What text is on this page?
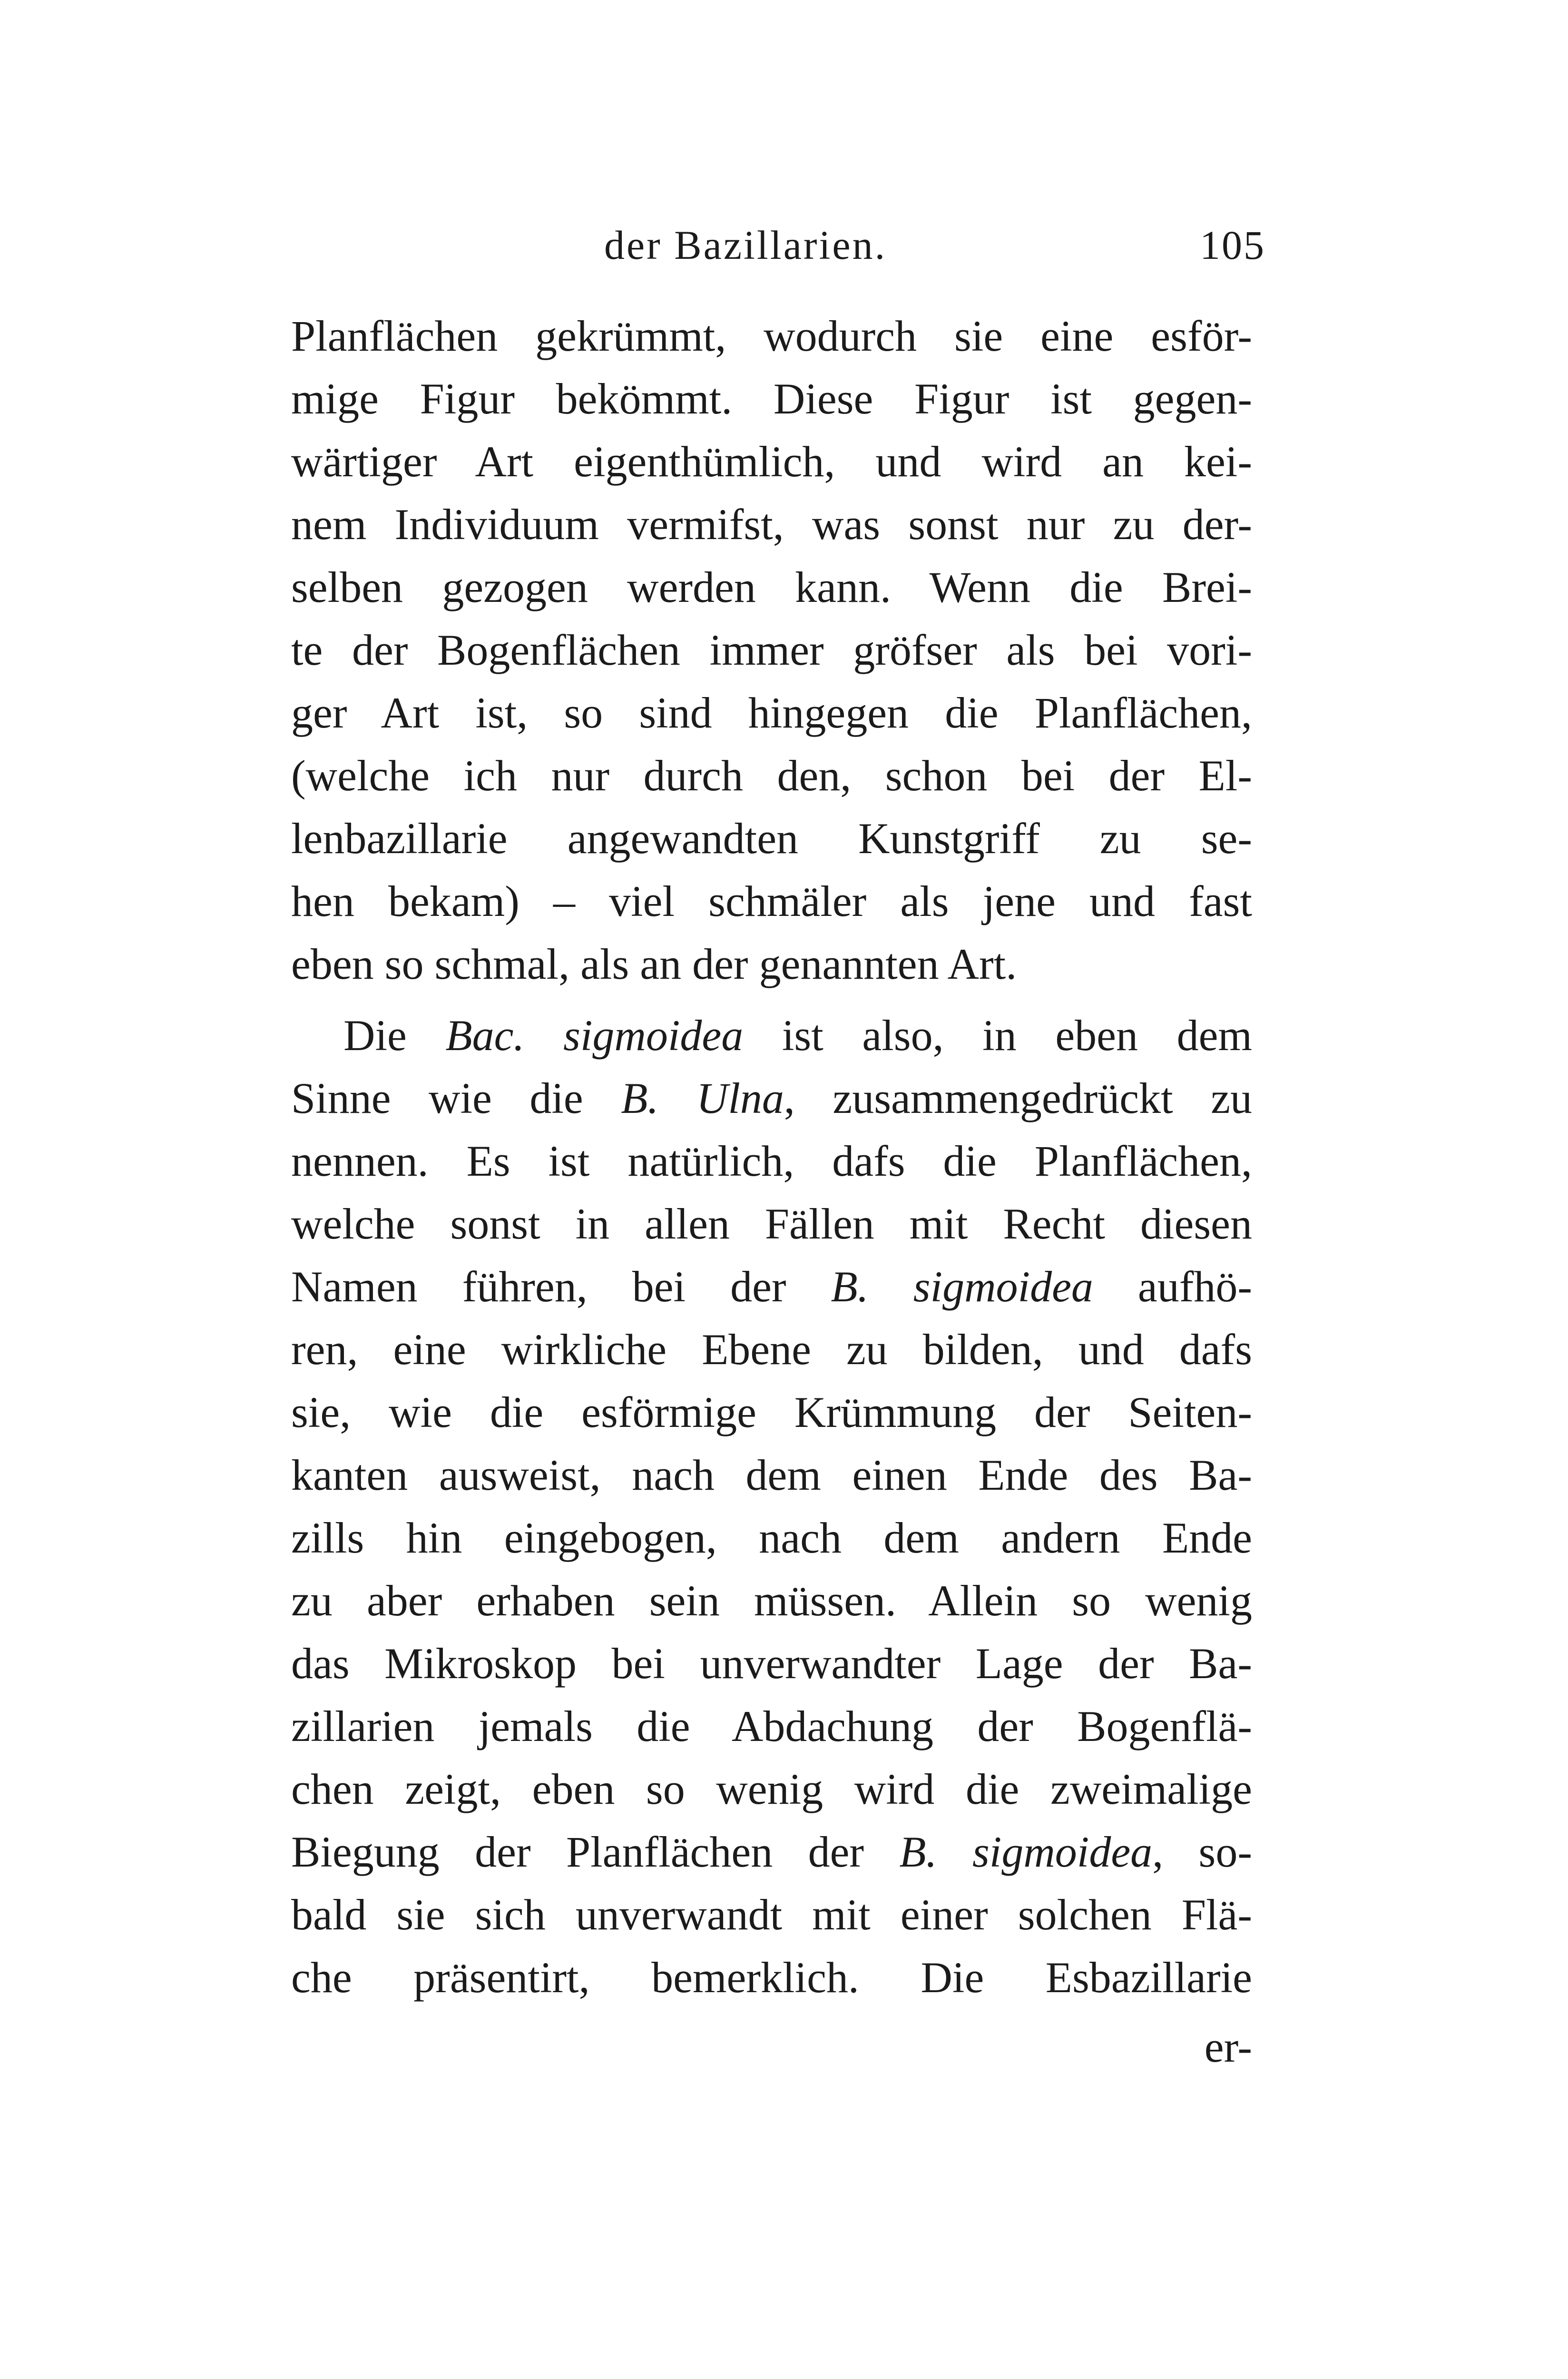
der Bazillarien.	105
Planflächen gekrümmt, wodurch sie eine esför-
mige Figur bekömmt. Diese Figur ist gegen-
wärtiger Art eigenthümlich, und wird an kei-
nem Individuum vermifst, was sonst nur zu der-
selben gezogen werden kann. Wenn die Brei-
te der Bogenflächen immer gröfser als bei vori-
ger Art ist, so sind hingegen die Planflächen,
(welche ich nur durch den, schon bei der El-
lenbazillarie angewandten Kunstgriff zu se-
hen bekam) – viel schmäler als jene und fast
eben so schmal, als an der genannten Art.
Die Bac. sigmoidea ist also, in eben dem
Sinne wie die B. Ulna, zusammengedrückt zu
nennen. Es ist natürlich, dafs die Planflächen,
welche sonst in allen Fällen mit Recht diesen
Namen führen, bei der B. sigmoidea aufhö-
ren, eine wirkliche Ebene zu bilden, und dafs
sie, wie die esförmige Krümmung der Seiten-
kanten ausweist, nach dem einen Ende des Ba-
zills hin eingebogen, nach dem andern Ende
zu aber erhaben sein müssen. Allein so wenig
das Mikroskop bei unverwandter Lage der Ba-
zillarien jemals die Abdachung der Bogenflä-
chen zeigt, eben so wenig wird die zweimalige
Biegung der Planflächen der B. sigmoidea, so-
bald sie sich unverwandt mit einer solchen Flä-
che präsentirt, bemerklich. Die Esbazillarie
er-
